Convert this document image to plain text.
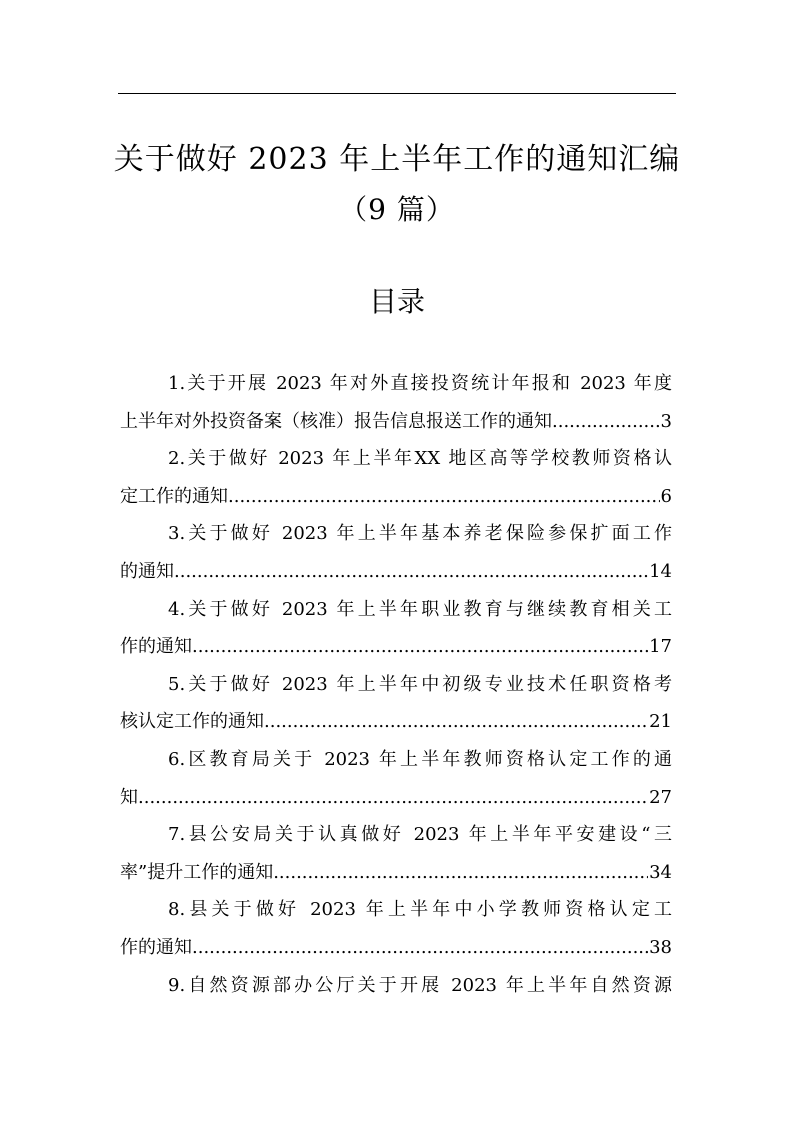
关于做好 2023 年上半年工作的通知汇编
（9 篇）
目录
1.关于开展 2023 年对外直接投资统计年报和 2023 年度
上半年对外投资备案（核准）报告信息报送工作的通知 .....	3
2.关于做好 2023 年上半年XX 地区高等学校教师资格认
定工作的通知 .....	6
3.关于做好 2023 年上半年基本养老保险参保扩面工作
的通知 .....	14
4.关于做好 2023 年上半年职业教育与继续教育相关工
作的通知 .....	17
5.关于做好 2023 年上半年中初级专业技术任职资格考
核认定工作的通知 .....	21
6.区教育局关于 2023 年上半年教师资格认定工作的通
知 .....	27
7.县公安局关于认真做好 2023 年上半年平安建设“三
率”提升工作的通知 .....	34
8.县关于做好 2023 年上半年中小学教师资格认定工
作的通知 .....	38
9.自然资源部办公厅关于开展 2023 年上半年自然资源
